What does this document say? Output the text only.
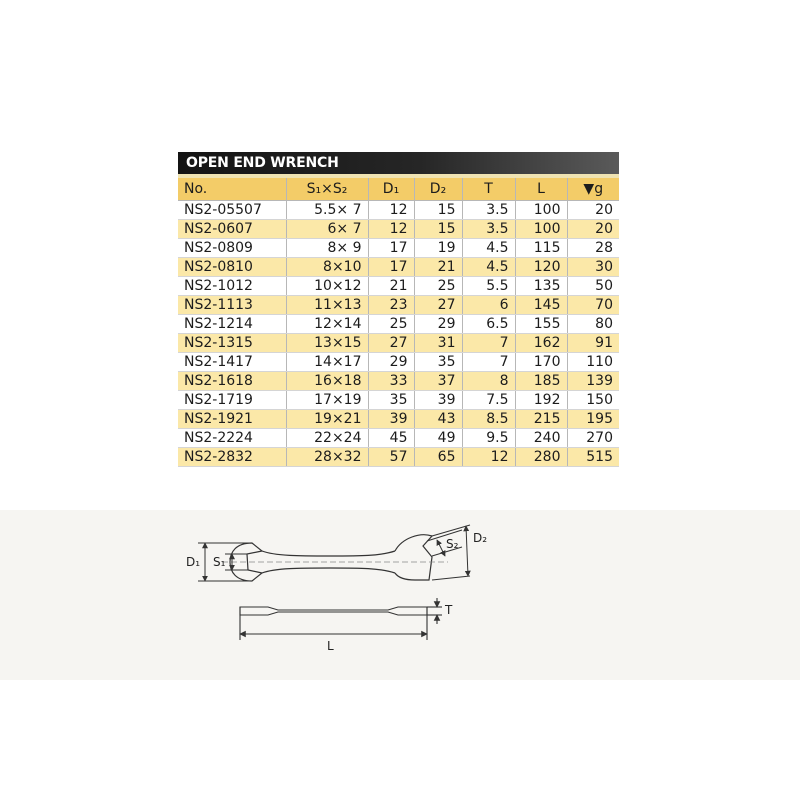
OPEN END WRENCH
No.	S₁×S₂	D₁	D₂	T	L	▼g
NS2-05507	5.5× 7	12	15	3.5	100	20
NS2-0607	6× 7	12	15	3.5	100	20
NS2-0809	8× 9	17	19	4.5	115	28
NS2-0810	8×10	17	21	4.5	120	30
NS2-1012	10×12	21	25	5.5	135	50
NS2-1113	11×13	23	27	6	145	70
NS2-1214	12×14	25	29	6.5	155	80
NS2-1315	13×15	27	31	7	162	91
NS2-1417	14×17	29	35	7	170	110
NS2-1618	16×18	33	37	8	185	139
NS2-1719	17×19	35	39	7.5	192	150
NS2-1921	19×21	39	43	8.5	215	195
NS2-2224	22×24	45	49	9.5	240	270
NS2-2832	28×32	57	65	12	280	515
D₁ S₁
S₂ D₂
T
L
